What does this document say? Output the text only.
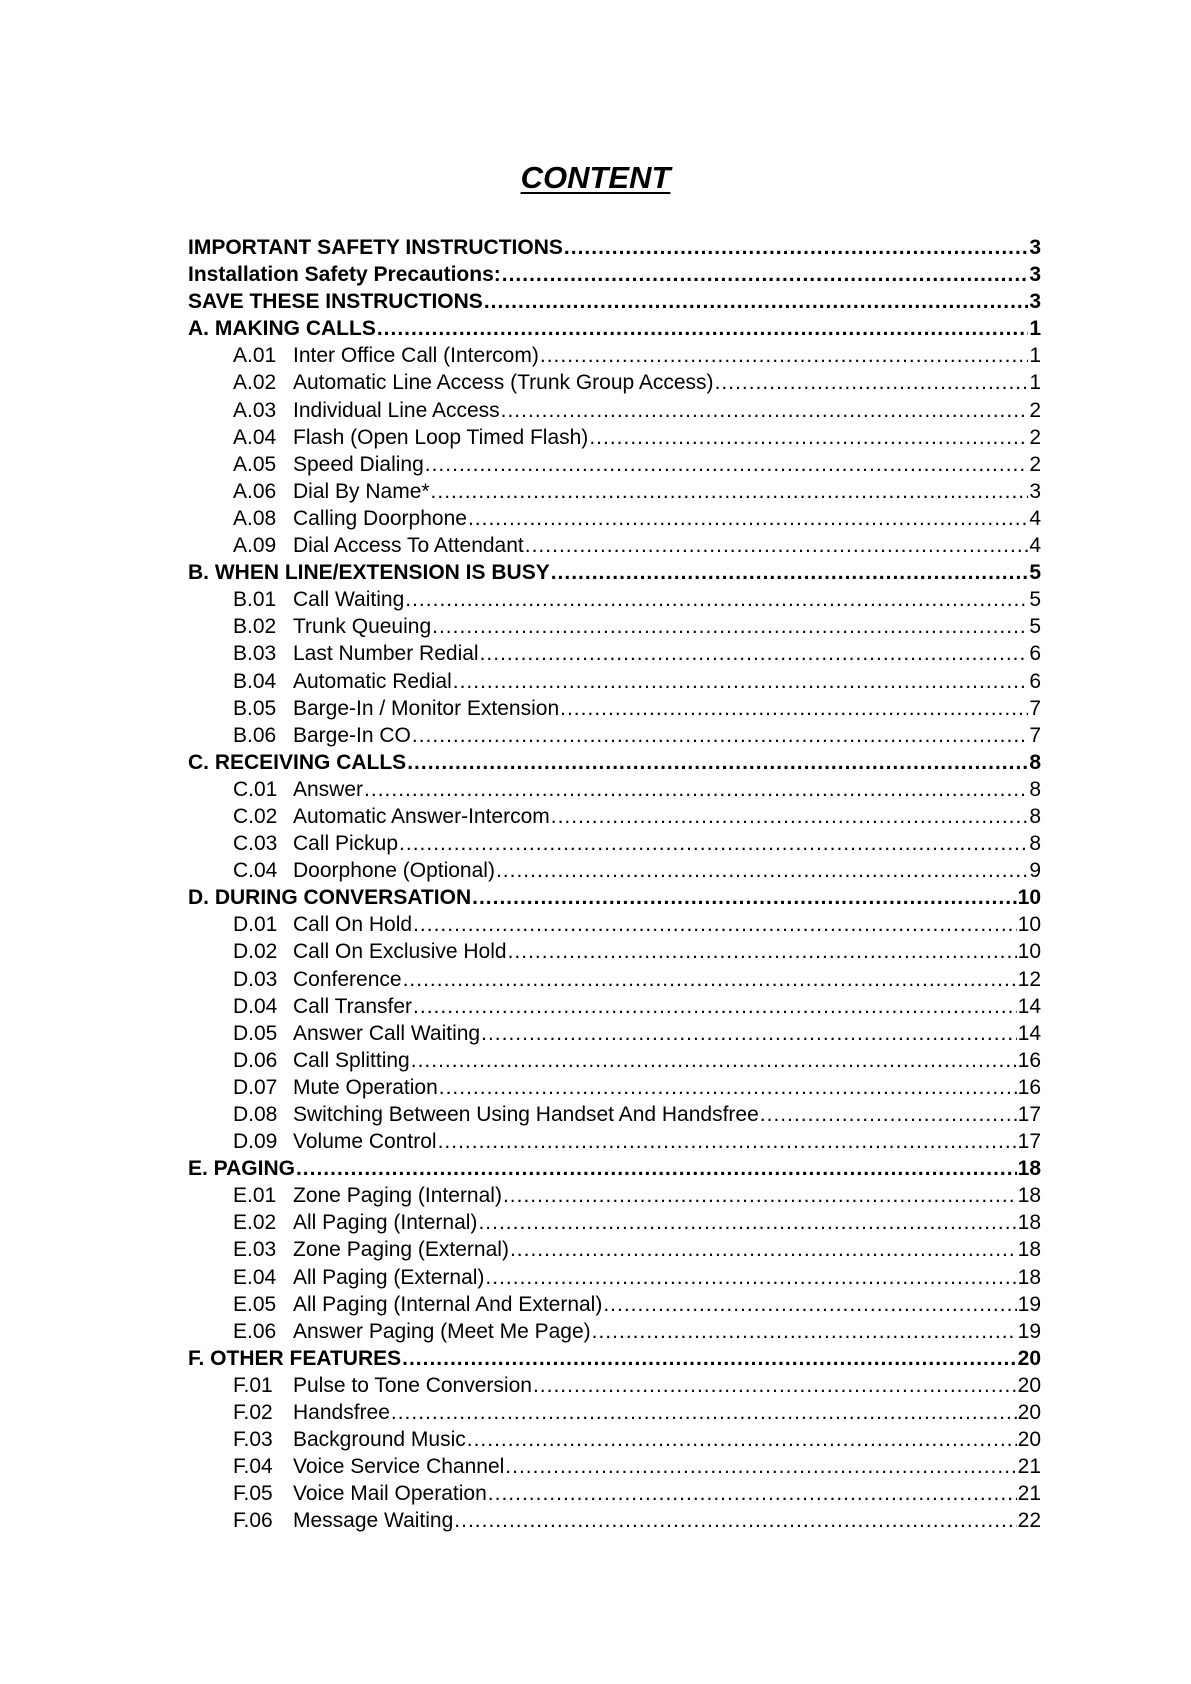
CONTENT
IMPORTANT SAFETY INSTRUCTIONS .....	3
Installation Safety Precautions: .....	3
SAVE THESE INSTRUCTIONS .....	3
A. MAKING CALLS .....	1
A.01 Inter Office Call (Intercom) .....	1
A.02 Automatic Line Access (Trunk Group Access) .....	1
A.03 Individual Line Access .....	2
A.04 Flash (Open Loop Timed Flash) .....	2
A.05 Speed Dialing .....	2
A.06 Dial By Name* .....	3
A.08 Calling Doorphone .....	4
A.09 Dial Access To Attendant .....	4
B. WHEN LINE/EXTENSION IS BUSY .....	5
B.01 Call Waiting .....	5
B.02 Trunk Queuing .....	5
B.03 Last Number Redial .....	6
B.04 Automatic Redial .....	6
B.05 Barge-In / Monitor Extension .....	7
B.06 Barge-In CO .....	7
C. RECEIVING CALLS .....	8
C.01 Answer .....	8
C.02 Automatic Answer-Intercom .....	8
C.03 Call Pickup .....	8
C.04 Doorphone (Optional) .....	9
D. DURING CONVERSATION .....	10
D.01 Call On Hold .....	10
D.02 Call On Exclusive Hold .....	10
D.03 Conference .....	12
D.04 Call Transfer .....	14
D.05 Answer Call Waiting .....	14
D.06 Call Splitting .....	16
D.07 Mute Operation .....	16
D.08 Switching Between Using Handset And Handsfree .....	17
D.09 Volume Control .....	17
E. PAGING .....	18
E.01 Zone Paging (Internal) .....	18
E.02 All Paging (Internal) .....	18
E.03 Zone Paging (External) .....	18
E.04 All Paging (External) .....	18
E.05 All Paging (Internal And External) .....	19
E.06 Answer Paging (Meet Me Page) .....	19
F. OTHER FEATURES .....	20
F.01 Pulse to Tone Conversion .....	20
F.02 Handsfree .....	20
F.03 Background Music .....	20
F.04 Voice Service Channel .....	21
F.05 Voice Mail Operation .....	21
F.06 Message Waiting .....	22
